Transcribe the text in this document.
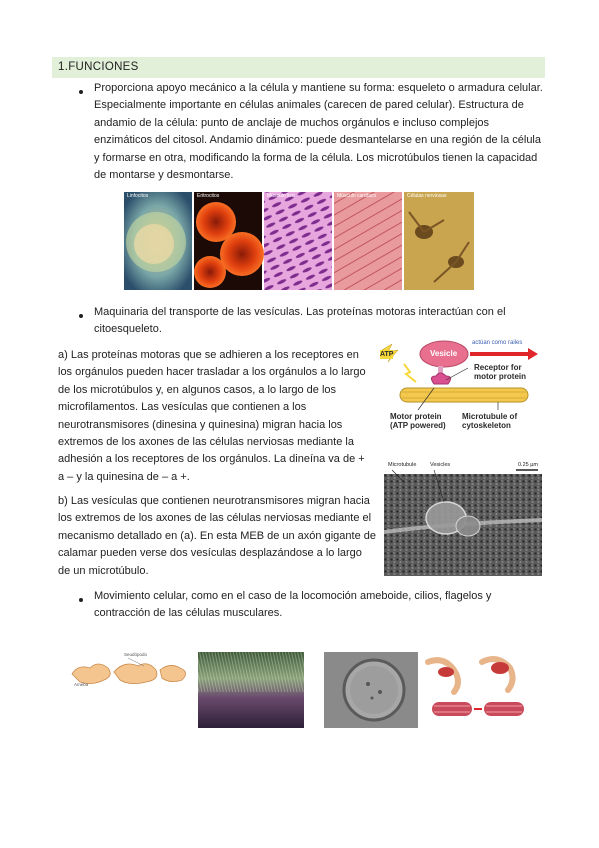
1.FUNCIONES

Proporciona apoyo mecánico a la célula y mantiene su forma: esqueleto o armadura celular. Especialmente importante en células animales (carecen de pared celular). Estructura de andamio de la célula: punto de anclaje de muchos orgánulos e incluso complejos enzimáticos del citosol. Andamio dinámico: puede desmantelarse en una región de la célula y formarse en otra, modificando la forma de la célula. Los microtúbulos tienen la capacidad de montarse y desmontarse.

Linfocitos	Eritrocitos	Músculo liso	Músculo cardíaco	Células nerviosas

Maquinaria del transporte de las vesículas. Las proteínas motoras interactúan con el citoesqueleto.

a) Las proteínas motoras que se adhieren a los receptores en los orgánulos pueden hacer trasladar a los orgánulos a lo largo de los microtúbulos y, en algunos casos, a lo largo de los microfilamentos. Las vesículas que contienen a los neurotransmisores (dinesina y quinesina) migran hacia los extremos de los axones de las células nerviosas mediante la adhesión a los receptores de los orgánulos. La dineína va de + a – y la quinesina de – a +.

ATP	Vesicle
actúan como railes
Receptor for motor protein
Motor protein (ATP powered)
Microtubule of cytoskeleton

b) Las vesículas que contienen neurotransmisores migran hacia los extremos de los axones de las células nerviosas mediante el mecanismo detallado en (a). En esta MEB de un axón gigante de calamar pueden verse dos vesículas desplazándose a lo largo de un microtúbulo.

Microtubule Vesicles	0.25 µm

Movimiento celular, como en el caso de la locomoción ameboide, cilios, flagelos y contracción de las células musculares.

Seudópodo
Ameba
